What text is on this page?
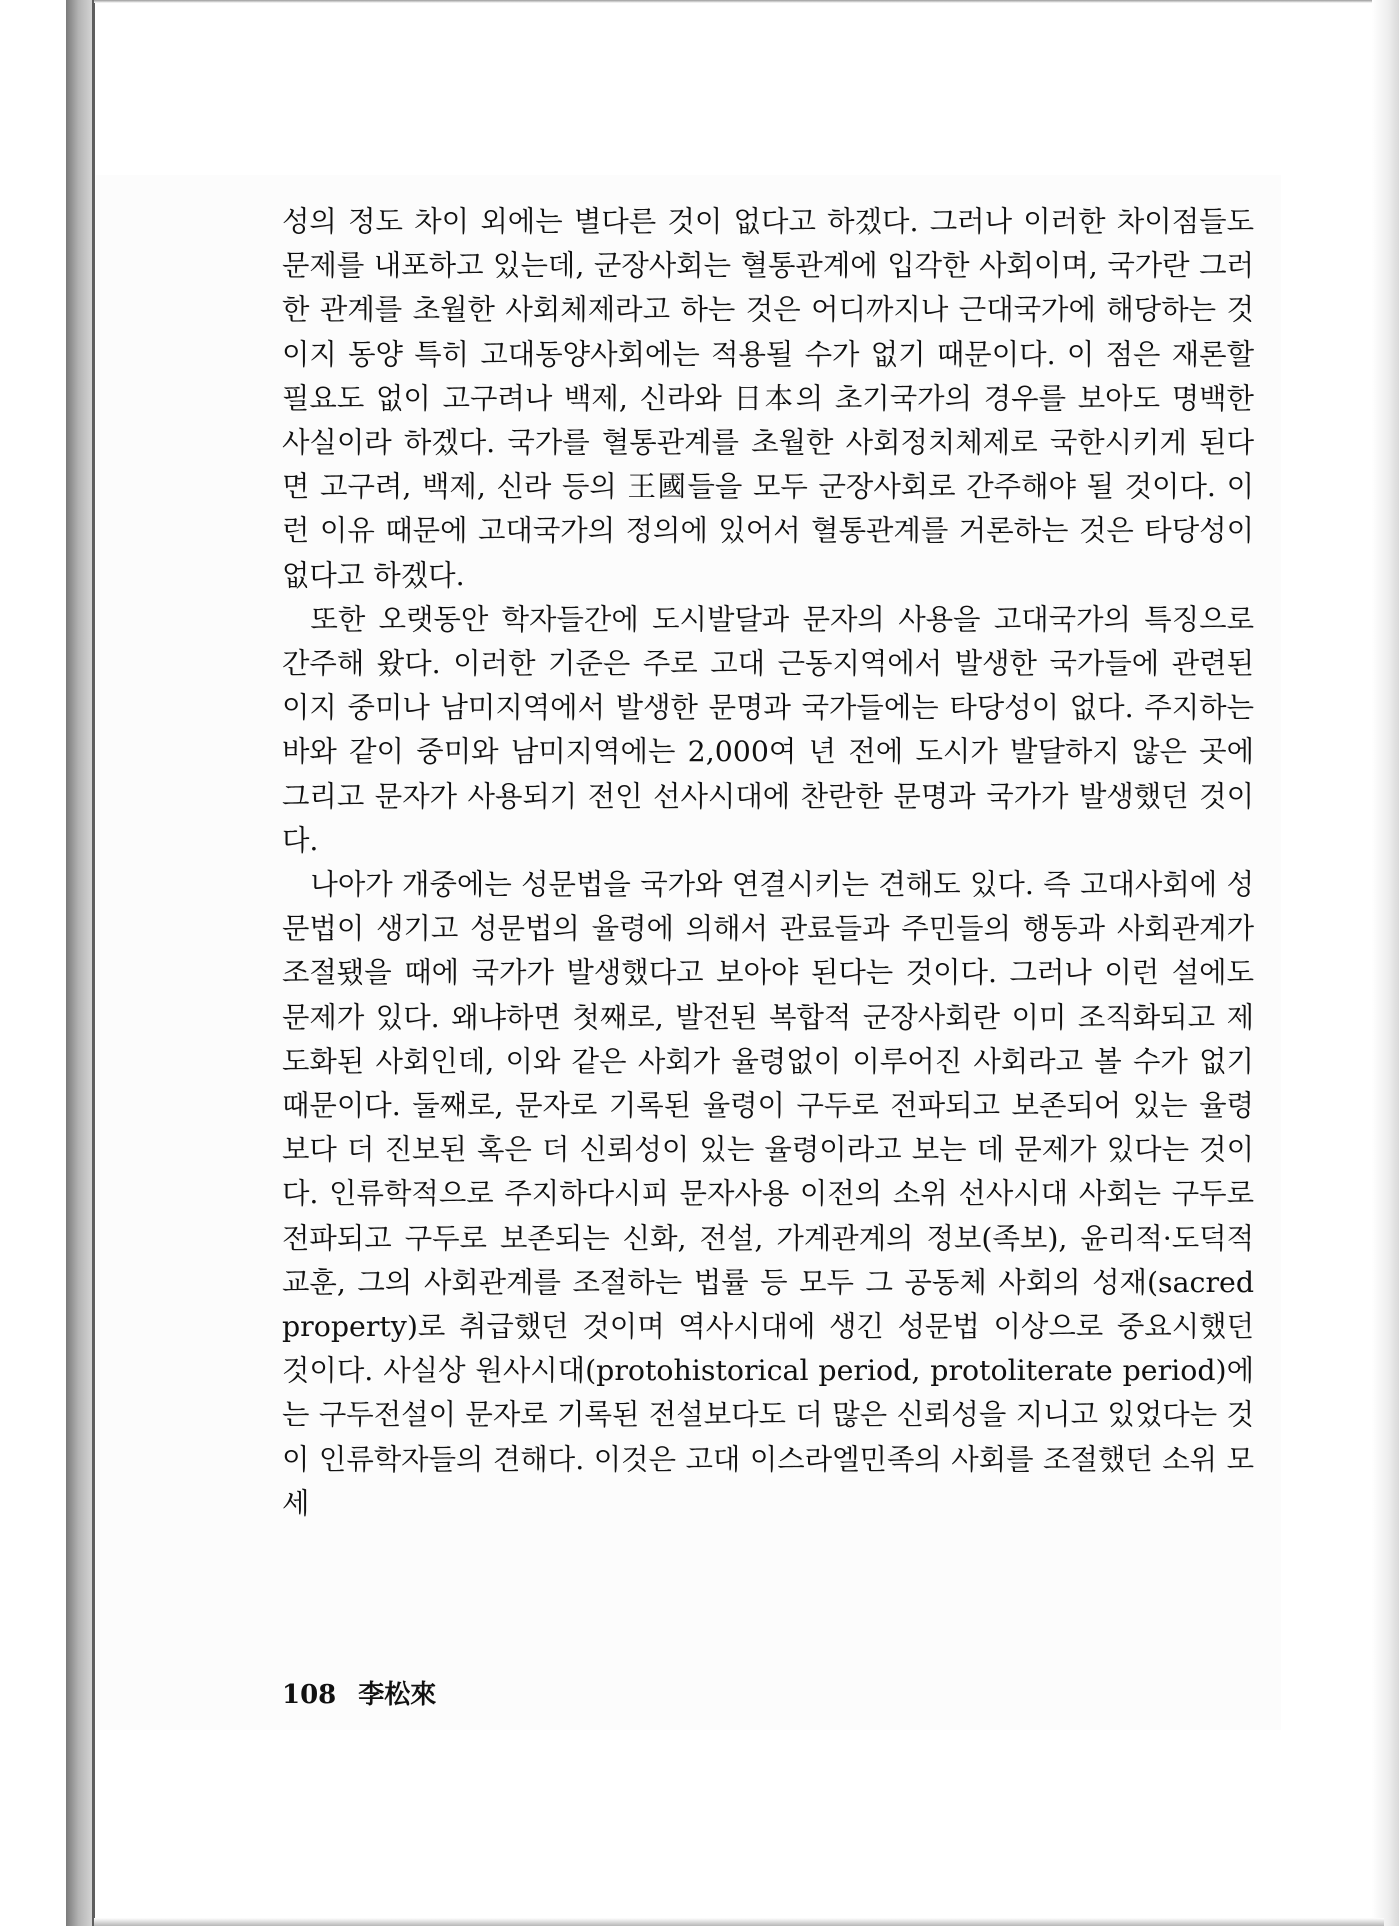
성의 정도 차이 외에는 별다른 것이 없다고 하겠다. 그러나 이러한 차이점들도 문제를 내포하고 있는데, 군장사회는 혈통관계에 입각한 사회이며, 국가란 그러한 관계를 초월한 사회체제라고 하는 것은 어디까지나 근대국가에 해당하는 것이지 동양 특히 고대동양사회에는 적용될 수가 없기 때문이다. 이 점은 재론할 필요도 없이 고구려나 백제, 신라와 日本의 초기국가의 경우를 보아도 명백한 사실이라 하겠다. 국가를 혈통관계를 초월한 사회정치체제로 국한시키게 된다면 고구려, 백제, 신라 등의 王國들을 모두 군장사회로 간주해야 될 것이다. 이런 이유 때문에 고대국가의 정의에 있어서 혈통관계를 거론하는 것은 타당성이 없다고 하겠다.

또한 오랫동안 학자들간에 도시발달과 문자의 사용을 고대국가의 특징으로 간주해 왔다. 이러한 기준은 주로 고대 근동지역에서 발생한 국가들에 관련된 이지 중미나 남미지역에서 발생한 문명과 국가들에는 타당성이 없다. 주지하는 바와 같이 중미와 남미지역에는 2,000여 년 전에 도시가 발달하지 않은 곳에 그리고 문자가 사용되기 전인 선사시대에 찬란한 문명과 국가가 발생했던 것이다.

나아가 개중에는 성문법을 국가와 연결시키는 견해도 있다. 즉 고대사회에 성문법이 생기고 성문법의 율령에 의해서 관료들과 주민들의 행동과 사회관계가 조절됐을 때에 국가가 발생했다고 보아야 된다는 것이다. 그러나 이런 설에도 문제가 있다. 왜냐하면 첫째로, 발전된 복합적 군장사회란 이미 조직화되고 제도화된 사회인데, 이와 같은 사회가 율령없이 이루어진 사회라고 볼 수가 없기 때문이다. 둘째로, 문자로 기록된 율령이 구두로 전파되고 보존되어 있는 율령보다 더 진보된 혹은 더 신뢰성이 있는 율령이라고 보는 데 문제가 있다는 것이다. 인류학적으로 주지하다시피 문자사용 이전의 소위 선사시대 사회는 구두로 전파되고 구두로 보존되는 신화, 전설, 가계관계의 정보(족보), 윤리적·도덕적 교훈, 그의 사회관계를 조절하는 법률 등 모두 그 공동체 사회의 성재(sacred property)로 취급했던 것이며 역사시대에 생긴 성문법 이상으로 중요시했던 것이다. 사실상 원사시대(protohistorical period, protoliterate period)에는 구두전설이 문자로 기록된 전설보다도 더 많은 신뢰성을 지니고 있었다는 것이 인류학자들의 견해다. 이것은 고대 이스라엘민족의 사회를 조절했던 소위 모세

108 李松來
